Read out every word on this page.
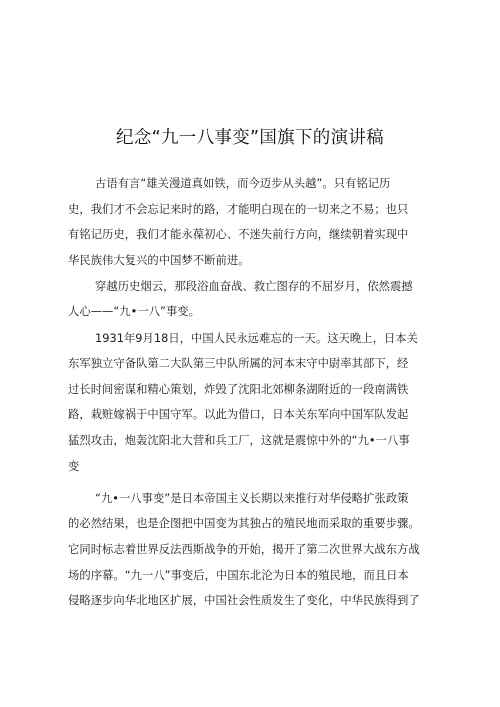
纪念“九一八事变”国旗下的演讲稿
古语有言“雄关漫道真如铁，而今迈步从头越”。只有铭记历
史，我们才不会忘记来时的路，才能明白现在的一切来之不易；也只
有铭记历史，我们才能永葆初心、不迷失前行方向，继续朝着实现中
华民族伟大复兴的中国梦不断前进。
穿越历史烟云，那段浴血奋战、救亡图存的不屈岁月，依然震撼
人心——“九•一八”事变。
1931年9月18日，中国人民永远难忘的一天。这天晚上，日本关
东军独立守备队第二大队第三中队所属的河本末守中尉率其部下，经
过长时间密谋和精心策划，炸毁了沈阳北郊柳条湖附近的一段南满铁
路，栽赃嫁祸于中国守军。以此为借口，日本关东军向中国军队发起
猛烈攻击，炮轰沈阳北大营和兵工厂，这就是震惊中外的“九•一八事
变
“九•一八事变”是日本帝国主义长期以来推行对华侵略扩张政策
的必然结果，也是企图把中国变为其独占的殖民地而采取的重要步骤。
它同时标志着世界反法西斯战争的开始，揭开了第二次世界大战东方战
场的序幕。“九一八”事变后，中国东北沦为日本的殖民地，而且日本
侵略逐步向华北地区扩展，中国社会性质发生了变化，中华民族得到了
